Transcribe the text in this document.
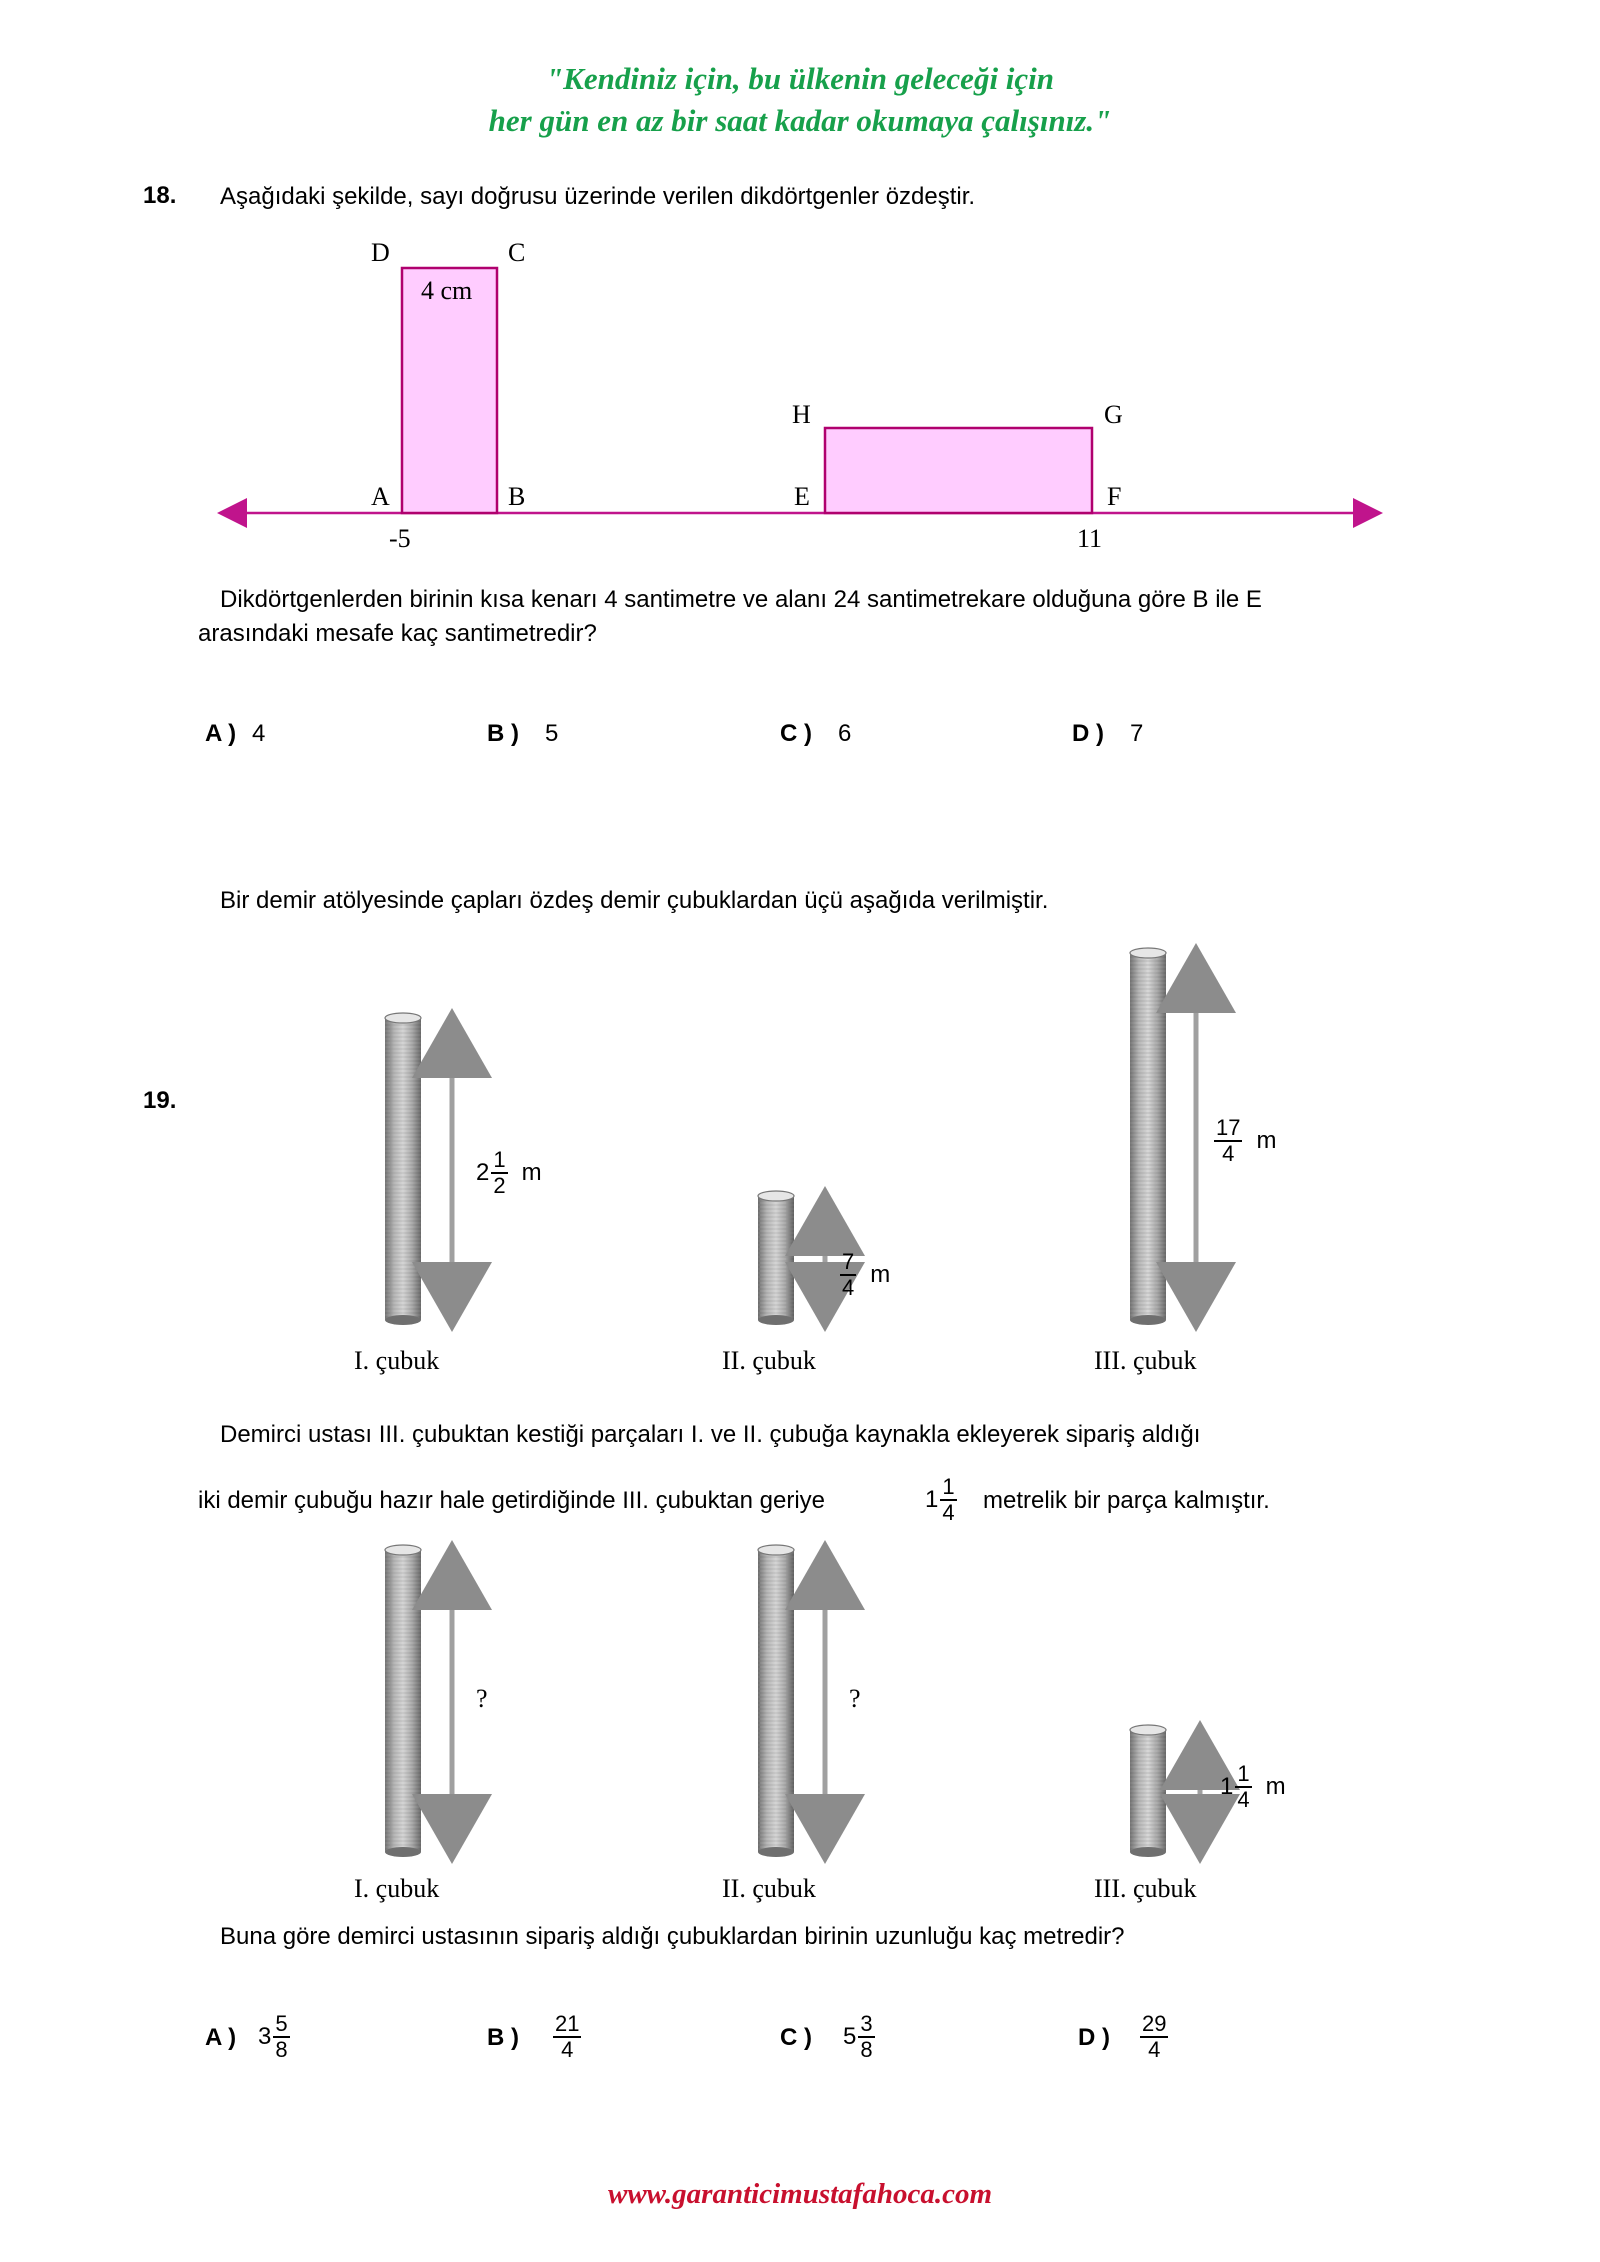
"Kendiniz için, bu ülkenin geleceği için
her gün en az bir saat kadar okumaya çalışınız."
18. Aşağıdaki şekilde, sayı doğrusu üzerinde verilen dikdörtgenler özdeştir.
D	C
4 cm
A	B
H	G
E	F
-5	11
Dikdörtgenlerden birinin kısa kenarı 4 santimetre ve alanı 24 santimetrekare olduğuna göre B ile E
arasındaki mesafe kaç santimetredir?
A ) 4	B ) 5	C ) 6	D ) 7
Bir demir atölyesinde çapları özdeş demir çubuklardan üçü aşağıda verilmiştir.
19.
$2 \frac{1}{2}$ m
$\frac{7}{4}$ m
$\frac{17}{4}$ m
I. çubuk	II. çubuk	III. çubuk
Demirci ustası III. çubuktan kestiği parçaları I. ve II. çubuğa kaynakla ekleyerek sipariş aldığı
iki demir çubuğu hazır hale getirdiğinde III. çubuktan geriye	$1 \frac{1}{4}$ metrelik bir parça kalmıştır.
?	?
$1 \frac{1}{4}$ m
I. çubuk	II. çubuk	III. çubuk
Buna göre demirci ustasının sipariş aldığı çubuklardan birinin uzunluğu kaç metredir?
A ) $3 \frac{5}{8}$	B ) $\frac{21}{4}$	C ) $5 \frac{3}{8}$	D ) $\frac{29}{4}$
www.garanticimustafahoca.com
